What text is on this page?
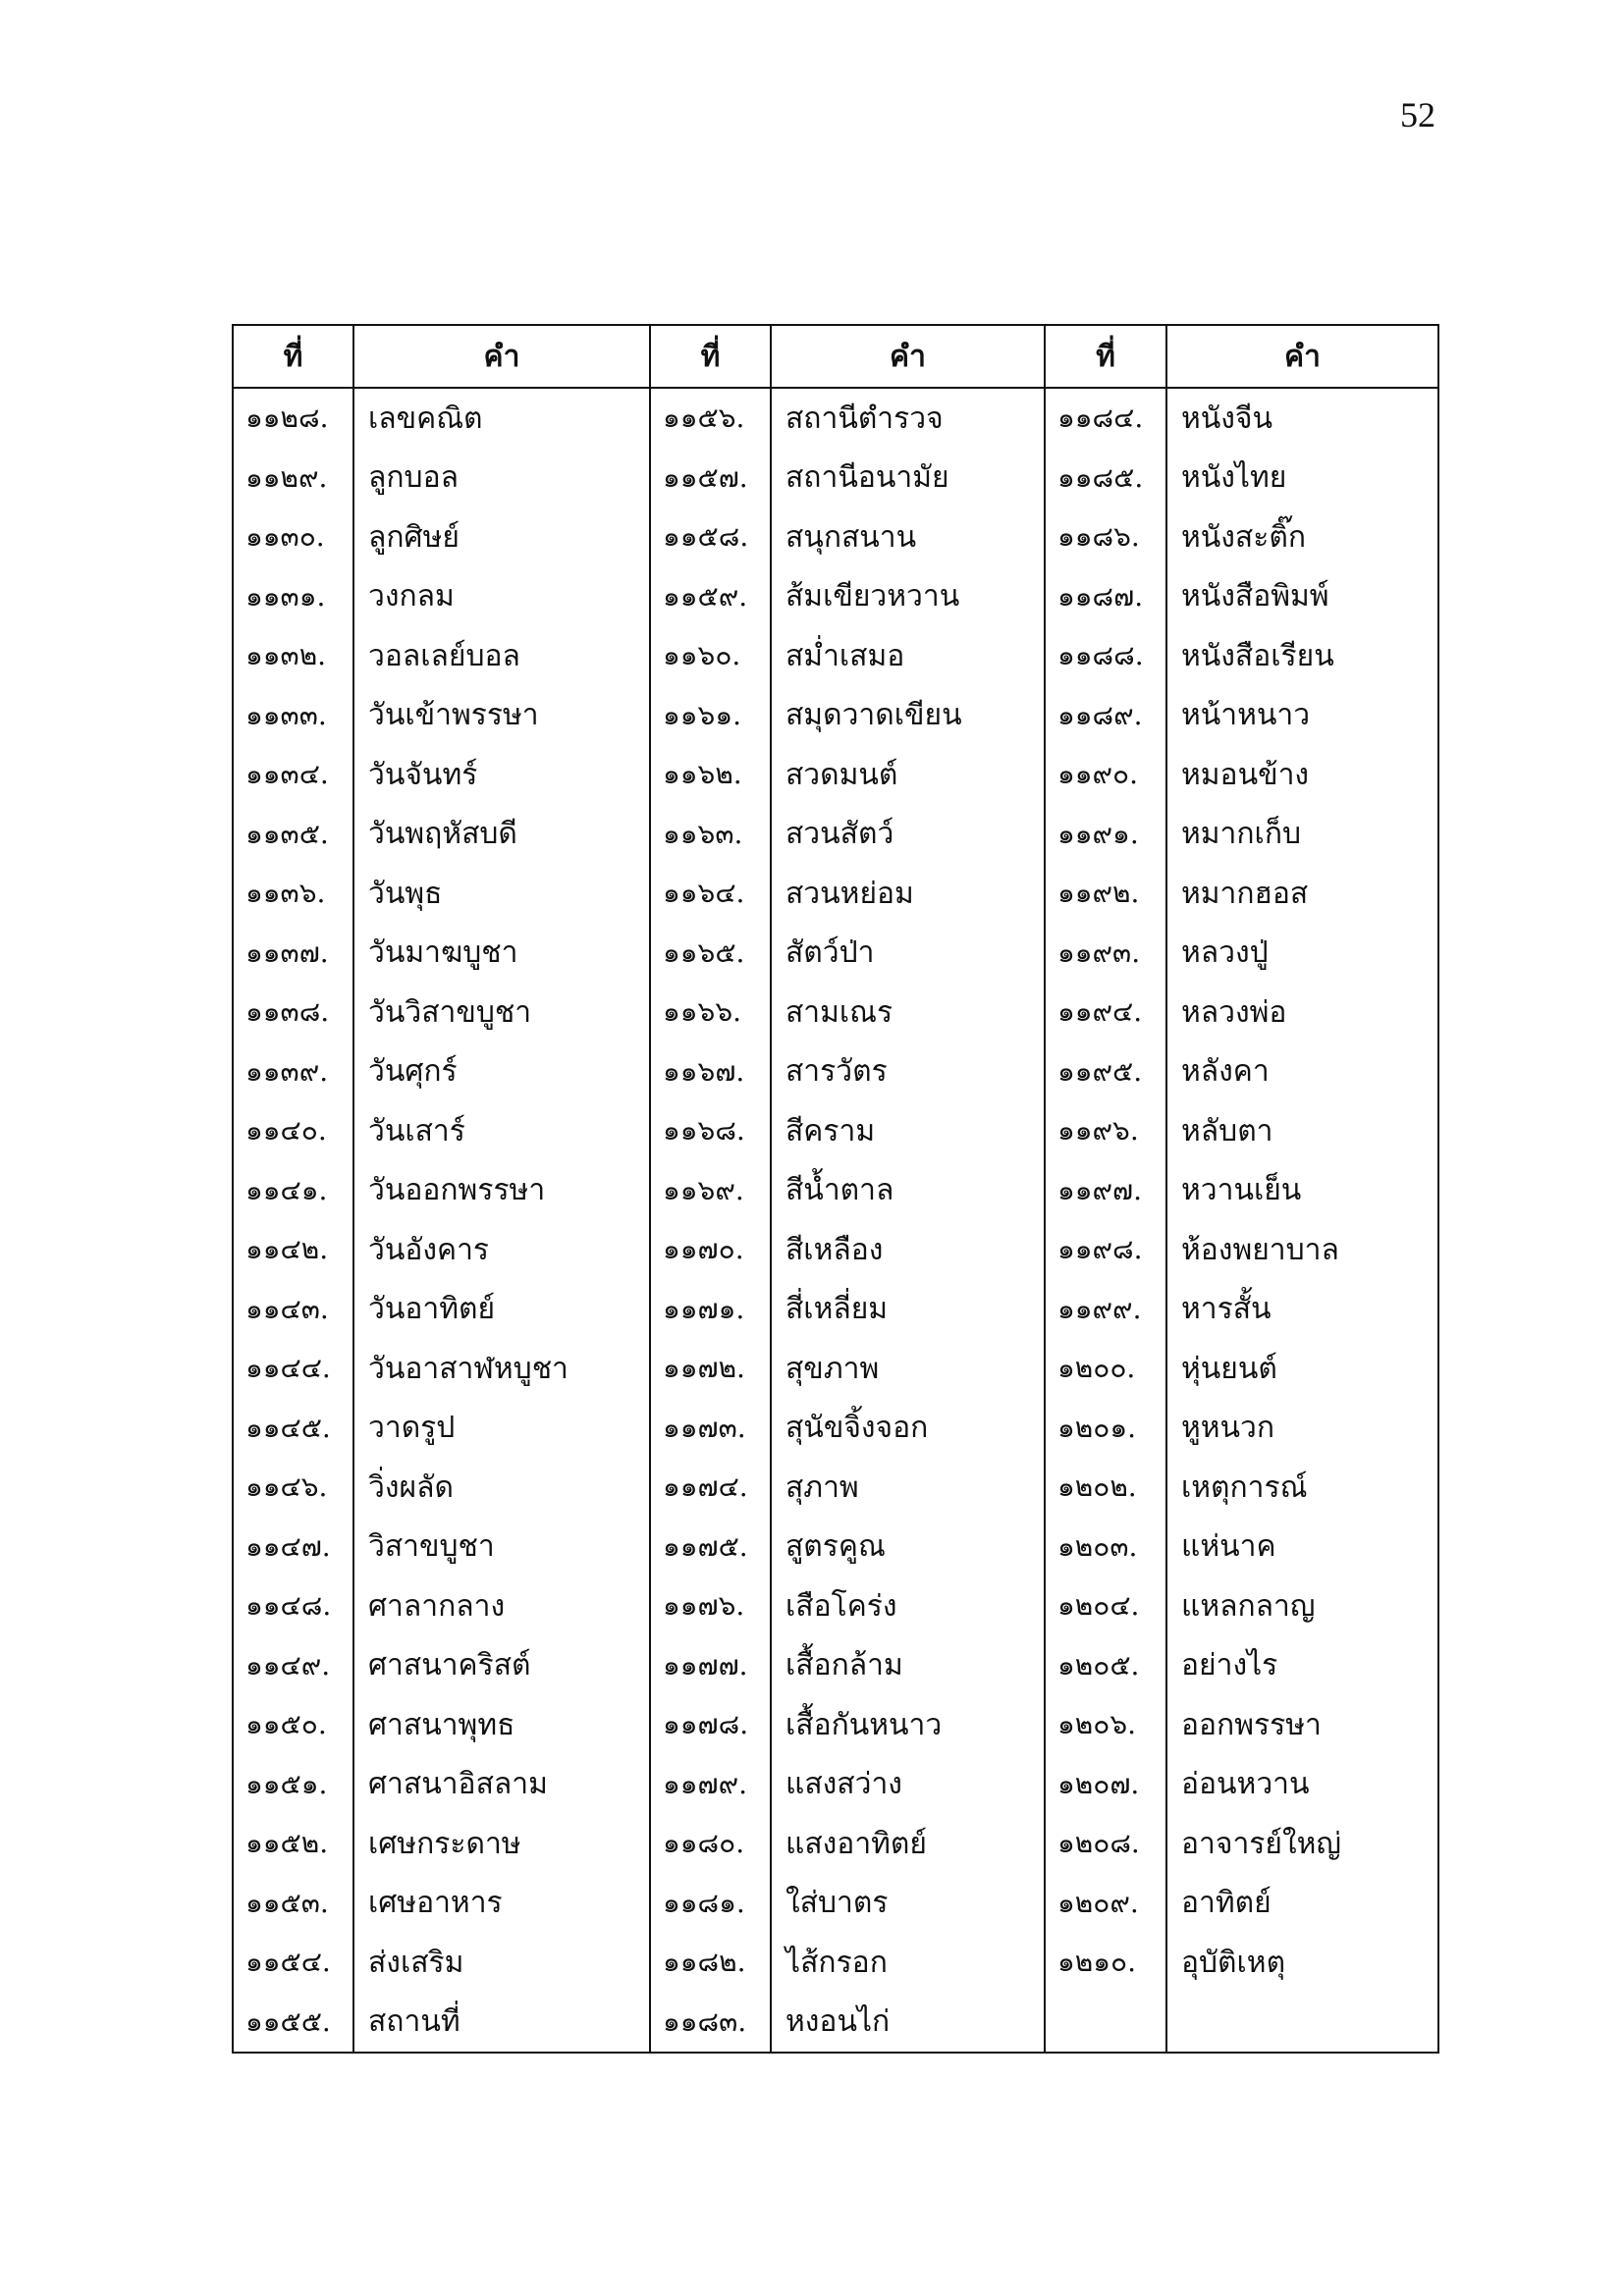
52
ที่	คำ	ที่	คำ	ที่	คำ
๑๑๒๘.	เลขคณิต	๑๑๕๖.	สถานีตำรวจ	๑๑๘๔.	หนังจีน
๑๑๒๙.	ลูกบอล	๑๑๕๗.	สถานีอนามัย	๑๑๘๕.	หนังไทย
๑๑๓๐.	ลูกศิษย์	๑๑๕๘.	สนุกสนาน	๑๑๘๖.	หนังสะติ๊ก
๑๑๓๑.	วงกลม	๑๑๕๙.	ส้มเขียวหวาน	๑๑๘๗.	หนังสือพิมพ์
๑๑๓๒.	วอลเลย์บอล	๑๑๖๐.	สม่ำเสมอ	๑๑๘๘.	หนังสือเรียน
๑๑๓๓.	วันเข้าพรรษา	๑๑๖๑.	สมุดวาดเขียน	๑๑๘๙.	หน้าหนาว
๑๑๓๔.	วันจันทร์	๑๑๖๒.	สวดมนต์	๑๑๙๐.	หมอนข้าง
๑๑๓๕.	วันพฤหัสบดี	๑๑๖๓.	สวนสัตว์	๑๑๙๑.	หมากเก็บ
๑๑๓๖.	วันพุธ	๑๑๖๔.	สวนหย่อม	๑๑๙๒.	หมากฮอส
๑๑๓๗.	วันมาฆบูชา	๑๑๖๕.	สัตว์ป่า	๑๑๙๓.	หลวงปู่
๑๑๓๘.	วันวิสาขบูชา	๑๑๖๖.	สามเณร	๑๑๙๔.	หลวงพ่อ
๑๑๓๙.	วันศุกร์	๑๑๖๗.	สารวัตร	๑๑๙๕.	หลังคา
๑๑๔๐.	วันเสาร์	๑๑๖๘.	สีคราม	๑๑๙๖.	หลับตา
๑๑๔๑.	วันออกพรรษา	๑๑๖๙.	สีน้ำตาล	๑๑๙๗.	หวานเย็น
๑๑๔๒.	วันอังคาร	๑๑๗๐.	สีเหลือง	๑๑๙๘.	ห้องพยาบาล
๑๑๔๓.	วันอาทิตย์	๑๑๗๑.	สี่เหลี่ยม	๑๑๙๙.	หารสั้น
๑๑๔๔.	วันอาสาฬหบูชา	๑๑๗๒.	สุขภาพ	๑๒๐๐.	หุ่นยนต์
๑๑๔๕.	วาดรูป	๑๑๗๓.	สุนัขจิ้งจอก	๑๒๐๑.	หูหนวก
๑๑๔๖.	วิ่งผลัด	๑๑๗๔.	สุภาพ	๑๒๐๒.	เหตุการณ์
๑๑๔๗.	วิสาขบูชา	๑๑๗๕.	สูตรคูณ	๑๒๐๓.	แห่นาค
๑๑๔๘.	ศาลากลาง	๑๑๗๖.	เสือโคร่ง	๑๒๐๔.	แหลกลาญ
๑๑๔๙.	ศาสนาคริสต์	๑๑๗๗.	เสื้อกล้าม	๑๒๐๕.	อย่างไร
๑๑๕๐.	ศาสนาพุทธ	๑๑๗๘.	เสื้อกันหนาว	๑๒๐๖.	ออกพรรษา
๑๑๕๑.	ศาสนาอิสลาม	๑๑๗๙.	แสงสว่าง	๑๒๐๗.	อ่อนหวาน
๑๑๕๒.	เศษกระดาษ	๑๑๘๐.	แสงอาทิตย์	๑๒๐๘.	อาจารย์ใหญ่
๑๑๕๓.	เศษอาหาร	๑๑๘๑.	ใส่บาตร	๑๒๐๙.	อาทิตย์
๑๑๕๔.	ส่งเสริม	๑๑๘๒.	ไส้กรอก	๑๒๑๐.	อุบัติเหตุ
๑๑๕๕.	สถานที่	๑๑๘๓.	หงอนไก่		
